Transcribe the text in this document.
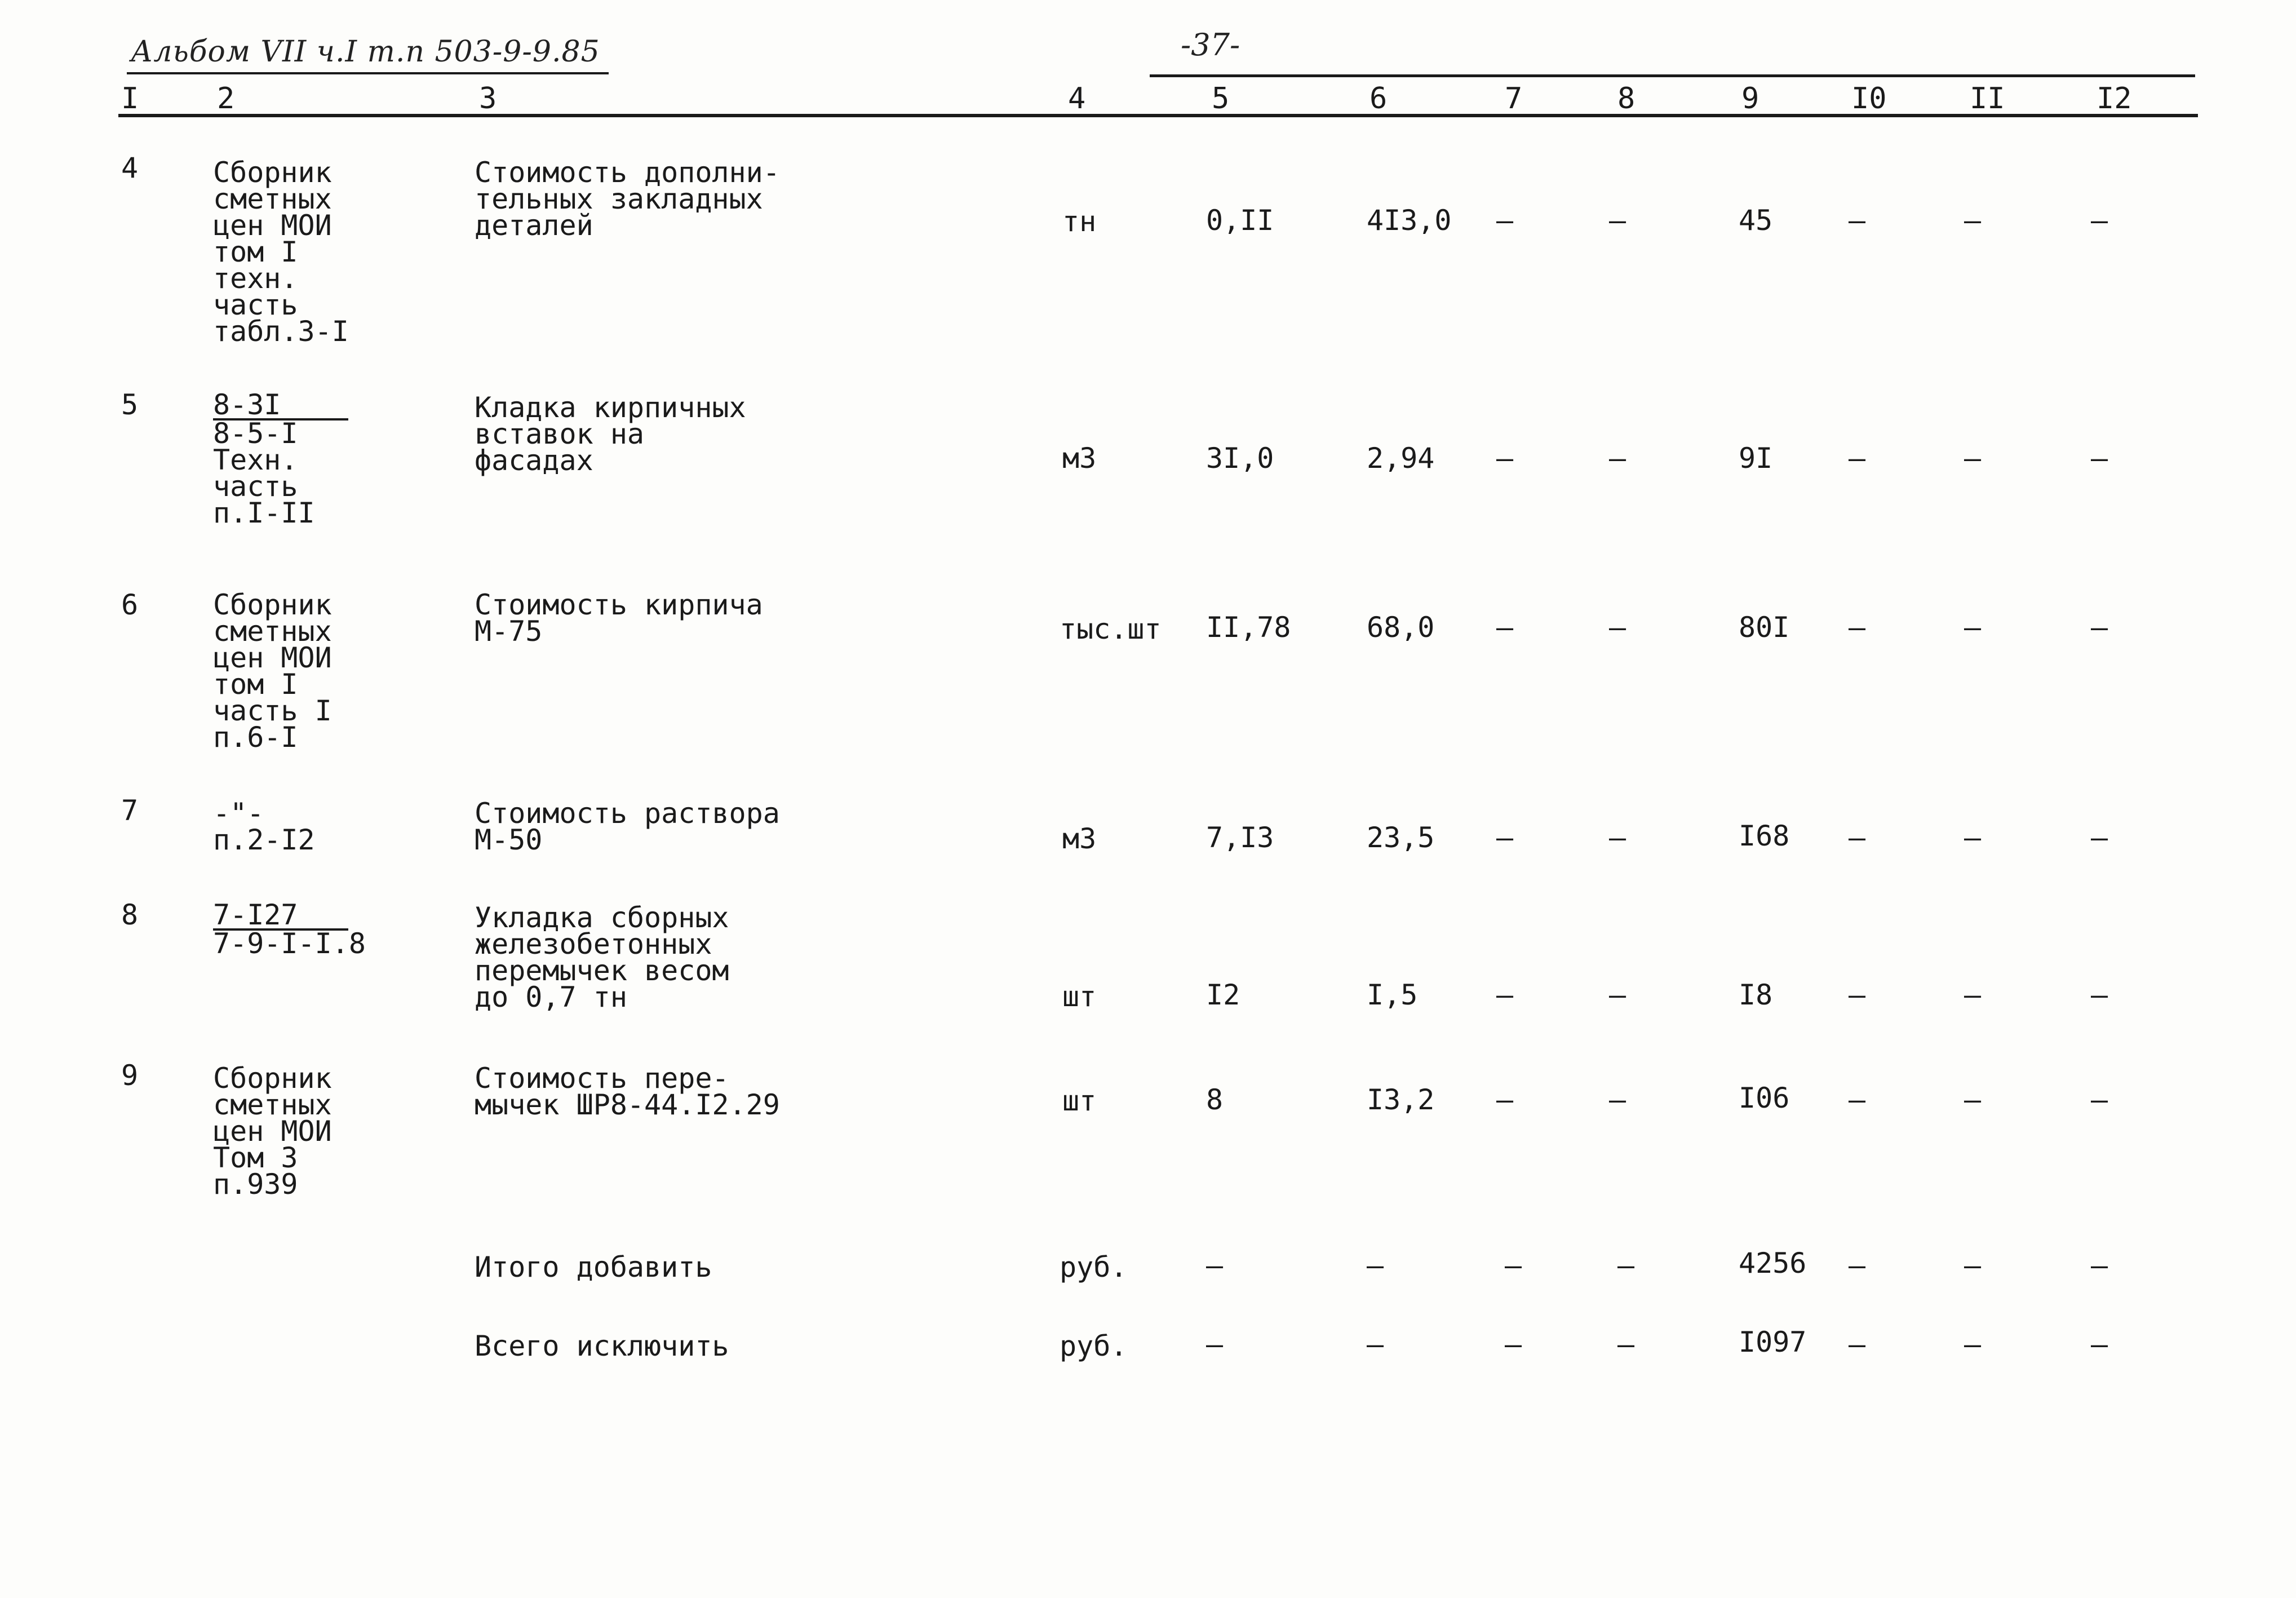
Альбом VII ч.I т.п 503-9-9.85	-37-
I	2	3	4	5	6	7	8	9	I0	II	I2
4	Сборник
сметных
цен МОИ
том I
техн.
часть
табл.3-I
Стоимость дополни-
тельных закладных
деталей	тн	0,II	4I3,0 –	–	45	–	–	–
5	8-3I
8-5-I
Техн.
часть
п.I-II
Кладка кирпичных
вставок на
фасадах	м3	3I,0	2,94 –	–	9I	–	–	–
6	Сборник
сметных
цен МОИ
том I
часть I
п.6-I
Стоимость кирпича
М-75	тыс.шт II,78	68,0 –	–	80I –	–	–
7	-"-
п.2-I2
Стоимость раствора
М-50	м3	7,I3	23,5 –	–	I68 –	–	–
8	7-I27
7-9-I-I.8
Укладка сборных
железобетонных
перемычек весом
до 0,7 тн	шт	I2	I,5	–	–	I8	–	–	–
9	Сборник
сметных
цен МОИ
Том 3
п.939
Стоимость пере-
мычек ШР8-44.I2.29	шт	8	I3,2 –	–	I06 –	–	–
Итого добавить	руб.	–	–	–	–	4256 –	–	–
Всего исключить	руб.	–	–	–	–	I097 –	–	–
